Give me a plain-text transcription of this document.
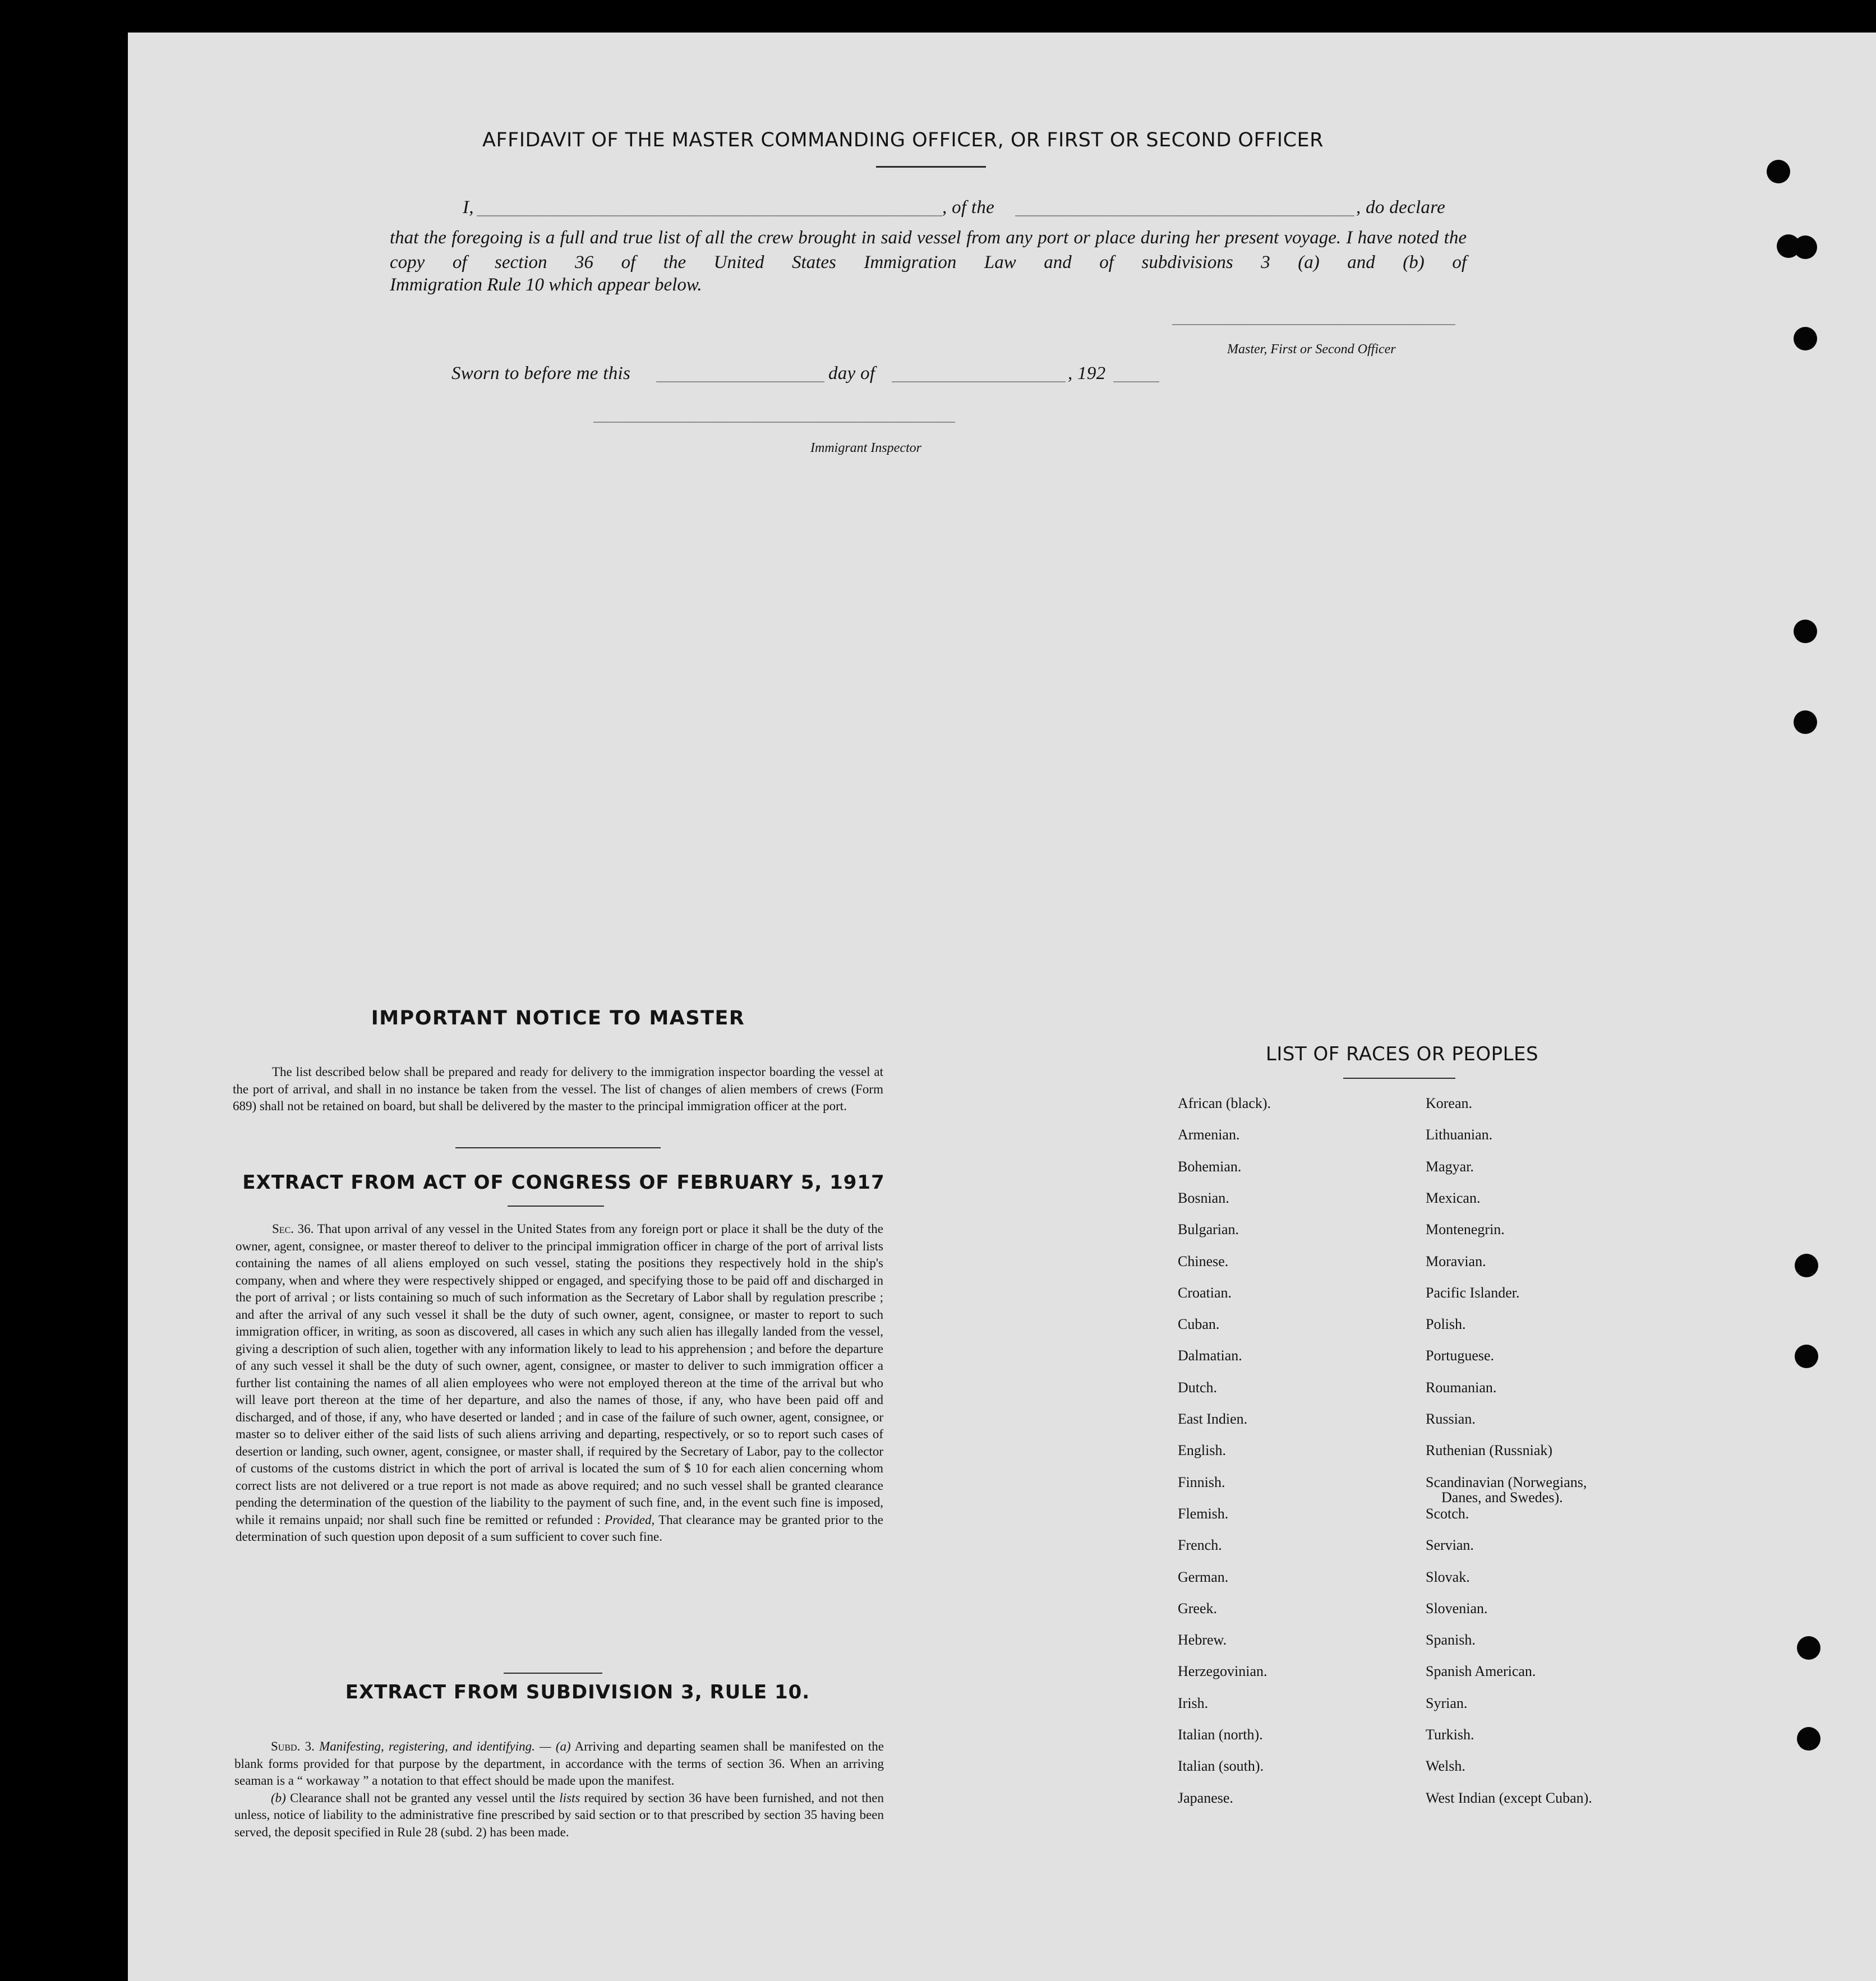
AFFIDAVIT OF THE MASTER COMMANDING OFFICER, OR FIRST OR SECOND OFFICER
I,	, of the	, do declare
that the foregoing is a full and true list of all the crew brought in said vessel from any port or place during her present voyage. I have noted the copy of section 36 of the United States Immigration Law and of subdivisions 3 (a) and (b) of
Immigration Rule 10 which appear below.
Master, First or Second Officer
Sworn to before me this	day of	, 192
Immigrant Inspector
IMPORTANT NOTICE TO MASTER
The list described below shall be prepared and ready for delivery to the immigration inspector boarding the vessel at the port of arrival, and shall in no instance be taken from the vessel. The list of changes of alien members of crews (Form 689) shall not be retained on board, but shall be delivered by the master to the principal immigration officer at the port.
EXTRACT FROM ACT OF CONGRESS OF FEBRUARY 5, 1917
Sec. 36. That upon arrival of any vessel in the United States from any foreign port or place it shall be the duty of the owner, agent, consignee, or master thereof to deliver to the principal immigration officer in charge of the port of arrival lists containing the names of all aliens employed on such vessel, stating the positions they respectively hold in the ship's company, when and where they were respectively shipped or engaged, and specifying those to be paid off and discharged in the port of arrival ; or lists containing so much of such information as the Secretary of Labor shall by regulation prescribe ; and after the arrival of any such vessel it shall be the duty of such owner, agent, consignee, or master to report to such immigration officer, in writing, as soon as discovered, all cases in which any such alien has illegally landed from the vessel, giving a description of such alien, together with any information likely to lead to his apprehension ; and before the departure of any such vessel it shall be the duty of such owner, agent, consignee, or master to deliver to such immigration officer a further list containing the names of all alien employees who were not employed thereon at the time of the arrival but who will leave port thereon at the time of her departure, and also the names of those, if any, who have been paid off and discharged, and of those, if any, who have deserted or landed ; and in case of the failure of such owner, agent, consignee, or master so to deliver either of the said lists of such aliens arriving and departing, respectively, or so to report such cases of desertion or landing, such owner, agent, consignee, or master shall, if required by the Secretary of Labor, pay to the collector of customs of the customs district in which the port of arrival is located the sum of $ 10 for each alien concerning whom correct lists are not delivered or a true report is not made as above required; and no such vessel shall be granted clearance pending the determination of the question of the liability to the payment of such fine, and, in the event such fine is imposed, while it remains unpaid; nor shall such fine be remitted or refunded : Provided, That clearance may be granted prior to the determination of such question upon deposit of a sum sufficient to cover such fine.
EXTRACT FROM SUBDIVISION 3, RULE 10.

Subd. 3. Manifesting, registering, and identifying. — (a) Arriving and departing seamen shall be manifested on the blank forms provided for that purpose by the department, in accordance with the terms of section 36. When an arriving seaman is a “ workaway ” a notation to that effect should be made upon the manifest.

(b) Clearance shall not be granted any vessel until the lists required by section 36 have been furnished, and not then unless, notice of liability to the administrative fine prescribed by said section or to that prescribed by section 35 having been served, the deposit specified in Rule 28 (subd. 2) has been made.

LIST OF RACES OR PEOPLES
African (black).
Armenian.
Bohemian.
Bosnian.
Bulgarian.
Chinese.
Croatian.
Cuban.
Dalmatian.
Dutch.
East Indien.
English.
Finnish.
Flemish.
French.
German.
Greek.
Hebrew.
Herzegovinian.
Irish.
Italian (north).
Italian (south).
Japanese.
Korean.
Lithuanian.
Magyar.
Mexican.
Montenegrin.
Moravian.
Pacific Islander.
Polish.
Portuguese.
Roumanian.
Russian.
Ruthenian (Russniak)
Scandinavian (Norwegians,
Danes, and Swedes).
Scotch.
Servian.
Slovak.
Slovenian.
Spanish.
Spanish American.
Syrian.
Turkish.
Welsh.
West Indian (except Cuban).
